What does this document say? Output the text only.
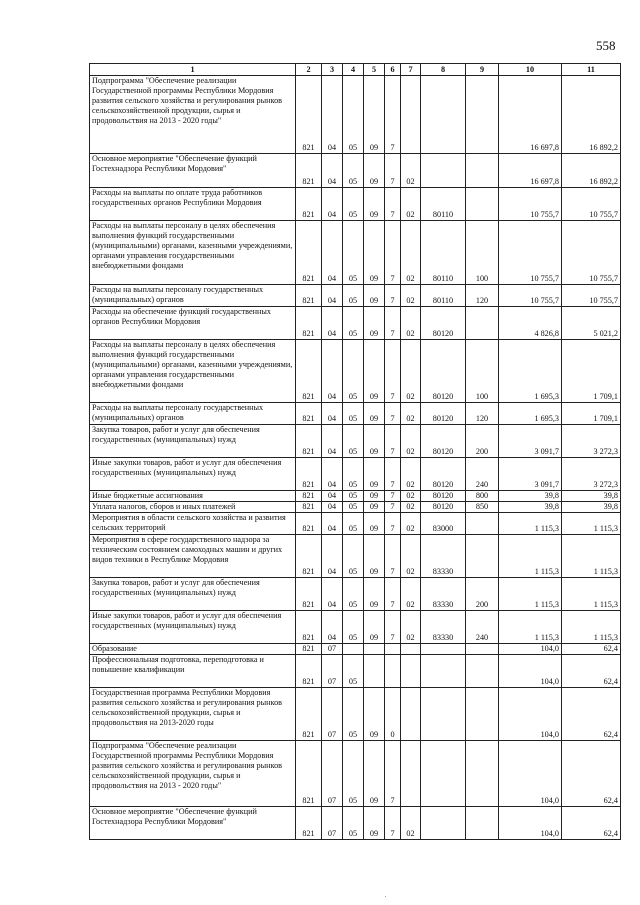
558
1	2	3	4	5	6	7	8	9	10	11
Подпрограмма "Обеспечение реализации Государственной программы Республики Мордовия развития сельского хозяйства и регулирования рынков сельскохозяйственной продукции, сырья и продовольствия на 2013 - 2020 годы"	821	04	05	09	7				16 697,8	16 892,2
Основное мероприятие "Обеспечение функций Гостехнадзора Республики Мордовия"	821	04	05	09	7	02			16 697,8	16 892,2
Расходы на выплаты по оплате труда работников государственных органов Республики Мордовия	821	04	05	09	7	02	80110		10 755,7	10 755,7
Расходы на выплаты персоналу в целях обеспечения выполнения функций государственными (муниципальными) органами, казенными учреждениями, органами управления государственными внебюджетными фондами	821	04	05	09	7	02	80110	100	10 755,7	10 755,7
Расходы на выплаты персоналу государственных (муниципальных) органов	821	04	05	09	7	02	80110	120	10 755,7	10 755,7
Расходы на обеспечение функций государственных органов Республики Мордовия	821	04	05	09	7	02	80120		4 826,8	5 021,2
Расходы на выплаты персоналу в целях обеспечения выполнения функций государственными (муниципальными) органами, казенными учреждениями, органами управления государственными внебюджетными фондами	821	04	05	09	7	02	80120	100	1 695,3	1 709,1
Расходы на выплаты персоналу государственных (муниципальных) органов	821	04	05	09	7	02	80120	120	1 695,3	1 709,1
Закупка товаров, работ и услуг для обеспечения государственных (муниципальных) нужд	821	04	05	09	7	02	80120	200	3 091,7	3 272,3
Иные закупки товаров, работ и услуг для обеспечения государственных (муниципальных) нужд	821	04	05	09	7	02	80120	240	3 091,7	3 272,3
Иные бюджетные ассигнования	821	04	05	09	7	02	80120	800	39,8	39,8
Уплата налогов, сборов и иных платежей	821	04	05	09	7	02	80120	850	39,8	39,8
Мероприятия в области сельского хозяйства и развития сельских территорий	821	04	05	09	7	02	83000		1 115,3	1 115,3
Мероприятия в сфере государственного надзора за техническим состоянием самоходных машин и других видов техники в Республике Мордовия	821	04	05	09	7	02	83330		1 115,3	1 115,3
Закупка товаров, работ и услуг для обеспечения государственных (муниципальных) нужд	821	04	05	09	7	02	83330	200	1 115,3	1 115,3
Иные закупки товаров, работ и услуг для обеспечения государственных (муниципальных) нужд	821	04	05	09	7	02	83330	240	1 115,3	1 115,3
Образование	821	07							104,0	62,4
Профессиональная подготовка, переподготовка и повышение квалификации	821	07	05						104,0	62,4
Государственная программа Республики Мордовия развития сельского хозяйства и регулирования рынков сельскохозяйственной продукции, сырья и продовольствия на 2013-2020 годы	821	07	05	09	0				104,0	62,4
Подпрограмма "Обеспечение реализации Государственной программы Республики Мордовия развития сельского хозяйства и регулирования рынков сельскохозяйственной продукции, сырья и продовольствия на 2013 - 2020 годы"	821	07	05	09	7				104,0	62,4
Основное мероприятие "Обеспечение функций Гостехнадзора Республики Мордовия"	821	07	05	09	7	02			104,0	62,4
٠
